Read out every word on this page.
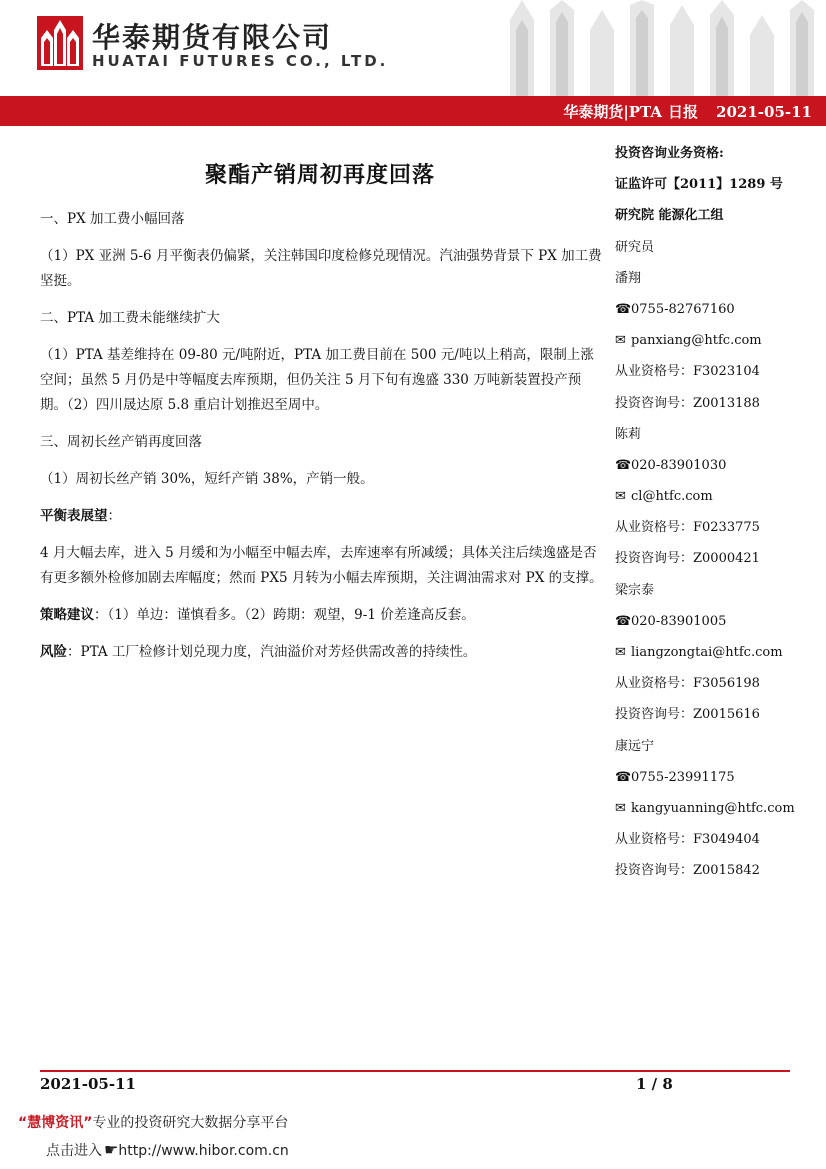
华泰期货有限公司
HUATAI FUTURES CO., LTD.
华泰期货|PTA 日报 2021-05-11
聚酯产销周初再度回落

一、PX 加工费小幅回落

（1）PX 亚洲 5-6 月平衡表仍偏紧，关注韩国印度检修兑现情况。汽油强势背景下 PX 加工费坚挺。

二、PTA 加工费未能继续扩大

（1）PTA 基差维持在 09-80 元/吨附近，PTA 加工费目前在 500 元/吨以上稍高，限制上涨空间；虽然 5 月仍是中等幅度去库预期，但仍关注 5 月下旬有逸盛 330 万吨新装置投产预期。（2）四川晟达原 5.8 重启计划推迟至周中。

三、周初长丝产销再度回落

（1）周初长丝产销 30%，短纤产销 38%，产销一般。

平衡表展望：

4 月大幅去库，进入 5 月缓和为小幅至中幅去库，去库速率有所减缓；具体关注后续逸盛是否有更多额外检修加剧去库幅度；然而 PX5 月转为小幅去库预期，关注调油需求对 PX 的支撑。

策略建议：（1）单边：谨慎看多。（2）跨期：观望，9-1 价差逢高反套。

风险：PTA 工厂检修计划兑现力度，汽油溢价对芳烃供需改善的持续性。

投资咨询业务资格:
证监许可【2011】1289 号
研究院 能源化工组
研究员
潘翔
☎0755-82767160
✉ panxiang@htfc.com
从业资格号：F3023104
投资咨询号：Z0013188
陈莉
☎020-83901030
✉ cl@htfc.com
从业资格号：F0233775
投资咨询号：Z0000421
梁宗泰
☎020-83901005
✉ liangzongtai@htfc.com
从业资格号：F3056198
投资咨询号：Z0015616
康远宁
☎0755-23991175
✉ kangyuanning@htfc.com
从业资格号：F3049404
投资咨询号：Z0015842
2021-05-11	1 / 8
“慧博资讯”专业的投资研究大数据分享平台
点击进入 ☛http://www.hibor.com.cn
